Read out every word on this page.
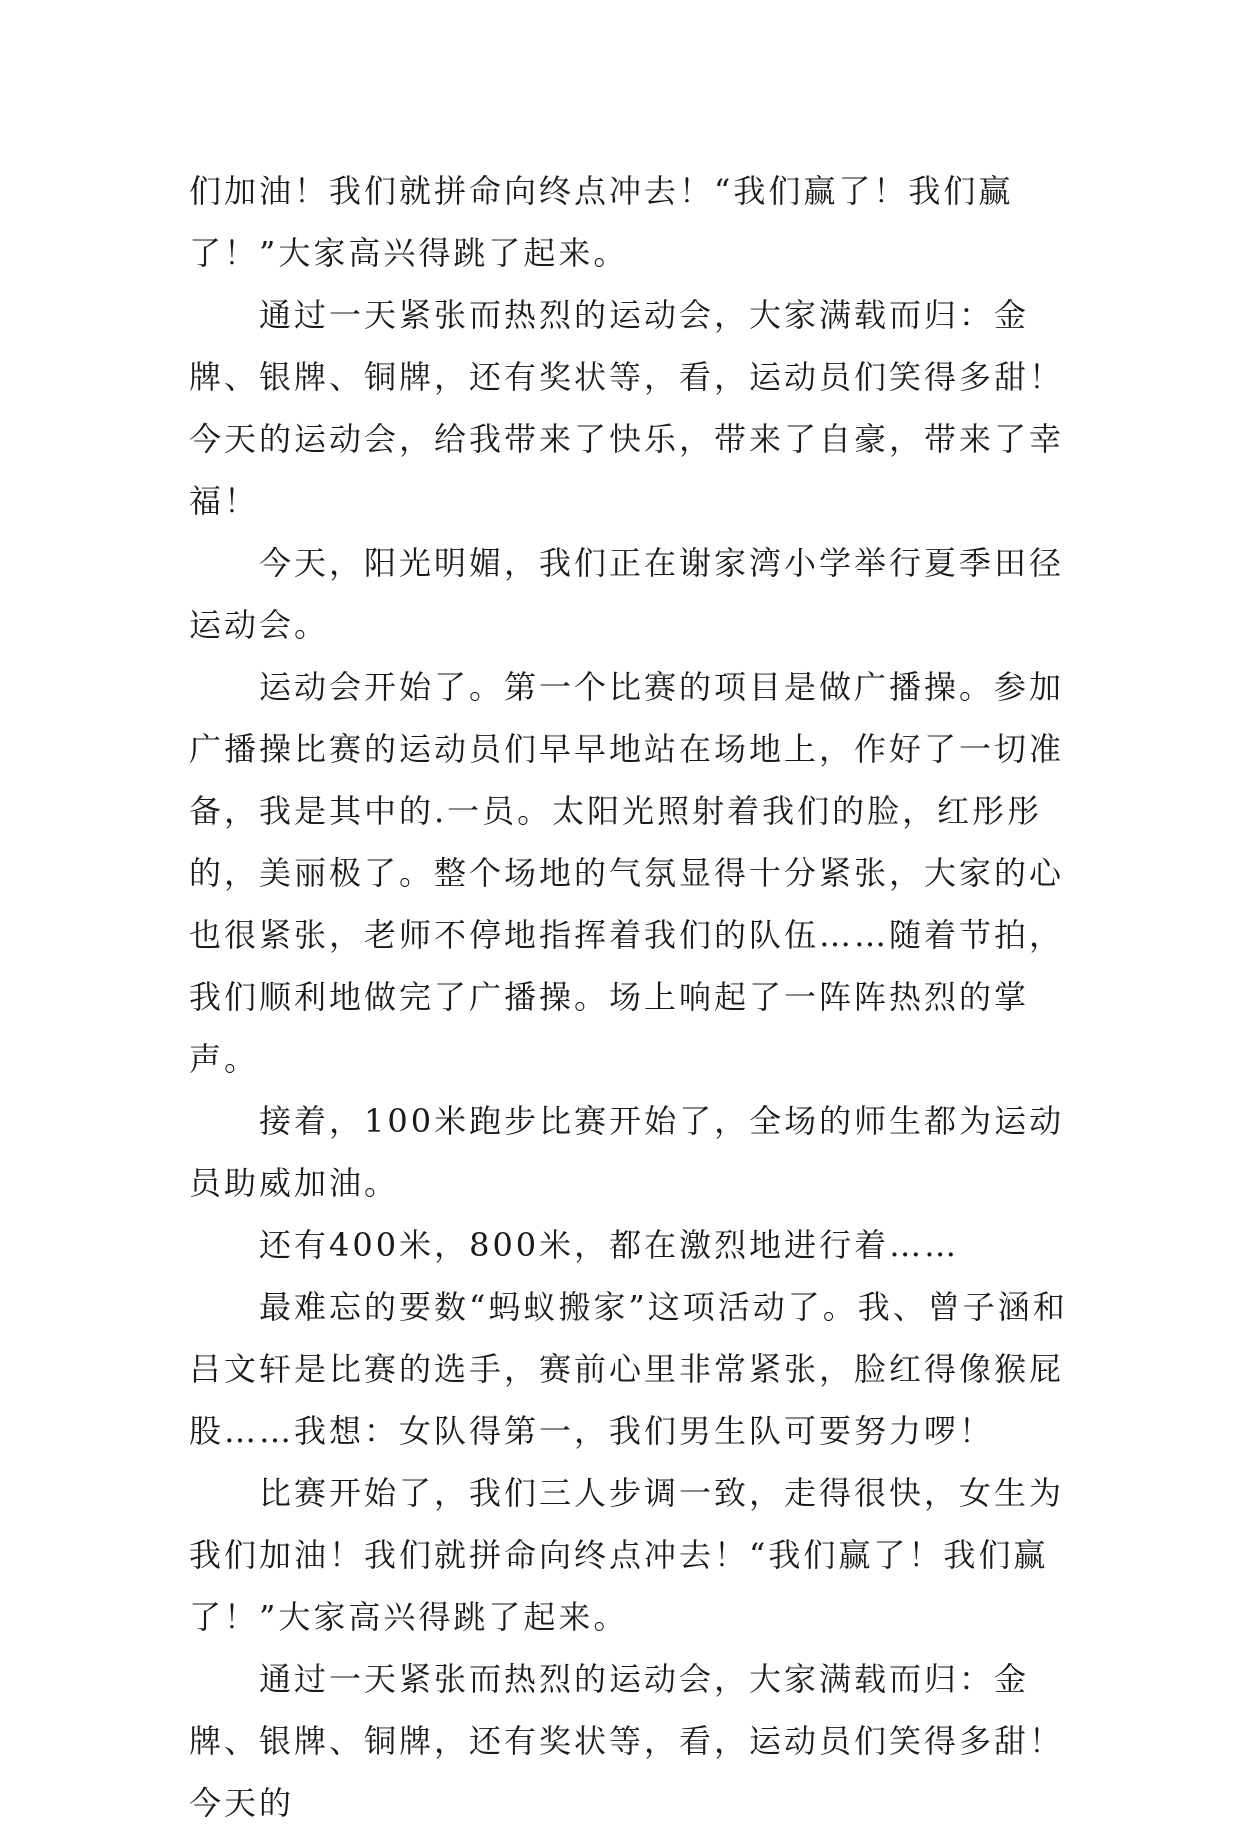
们加油！我们就拼命向终点冲去！“我们赢了！我们赢了！”大家高兴得跳了起来。

通过一天紧张而热烈的运动会，大家满载而归：金牌、银牌、铜牌，还有奖状等，看，运动员们笑得多甜！今天的运动会，给我带来了快乐，带来了自豪，带来了幸福！

今天，阳光明媚，我们正在谢家湾小学举行夏季田径运动会。

运动会开始了。第一个比赛的项目是做广播操。参加广播操比赛的运动员们早早地站在场地上，作好了一切准备，我是其中的.一员。太阳光照射着我们的脸，红彤彤的，美丽极了。整个场地的气氛显得十分紧张，大家的心也很紧张，老师不停地指挥着我们的队伍……随着节拍，我们顺利地做完了广播操。场上响起了一阵阵热烈的掌声。

接着，100米跑步比赛开始了，全场的师生都为运动员助威加油。

还有400米，800米，都在激烈地进行着……

最难忘的要数“蚂蚁搬家”这项活动了。我、曾子涵和吕文轩是比赛的选手，赛前心里非常紧张，脸红得像猴屁股……我想：女队得第一，我们男生队可要努力啰！

比赛开始了，我们三人步调一致，走得很快，女生为我们加油！我们就拼命向终点冲去！“我们赢了！我们赢了！”大家高兴得跳了起来。

通过一天紧张而热烈的运动会，大家满载而归：金牌、银牌、铜牌，还有奖状等，看，运动员们笑得多甜！今天的
